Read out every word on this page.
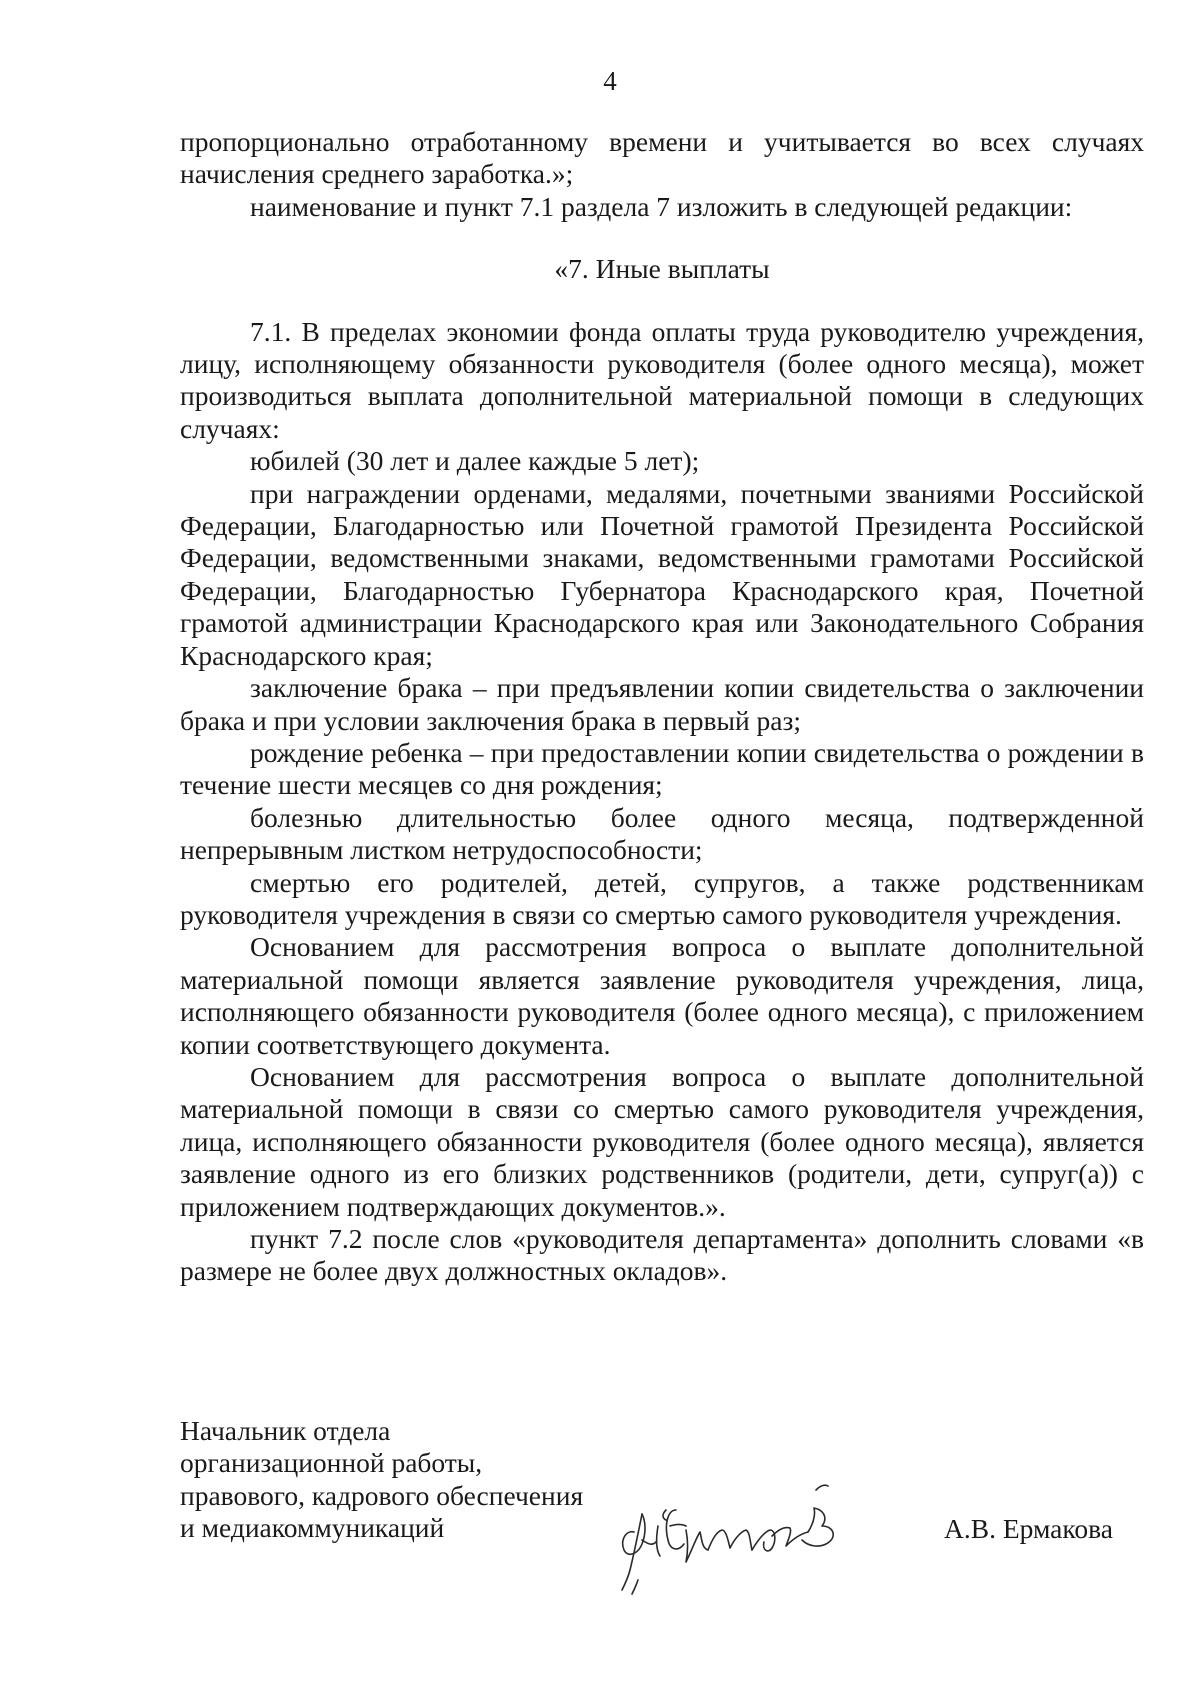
4

пропорционально отработанному времени и учитывается во всех случаях начисления среднего заработка.»;

наименование и пункт 7.1 раздела 7 изложить в следующей редакции:

«7. Иные выплаты

7.1. В пределах экономии фонда оплаты труда руководителю учреждения, лицу, исполняющему обязанности руководителя (более одного месяца), может производиться выплата дополнительной материальной помощи в следующих случаях:

юбилей (30 лет и далее каждые 5 лет);

при награждении орденами, медалями, почетными званиями Российской Федерации, Благодарностью или Почетной грамотой Президента Российской Федерации, ведомственными знаками, ведомственными грамотами Российской Федерации, Благодарностью Губернатора Краснодарского края, Почетной грамотой администрации Краснодарского края или Законодательного Собрания Краснодарского края;

заключение брака – при предъявлении копии свидетельства о заключении брака и при условии заключения брака в первый раз;

рождение ребенка – при предоставлении копии свидетельства о рождении в течение шести месяцев со дня рождения;

болезнью длительностью более одного месяца, подтвержденной непрерывным листком нетрудоспособности;

смертью его родителей, детей, супругов, а также родственникам руководителя учреждения в связи со смертью самого руководителя учреждения.

Основанием для рассмотрения вопроса о выплате дополнительной материальной помощи является заявление руководителя учреждения, лица, исполняющего обязанности руководителя (более одного месяца), с приложением копии соответствующего документа.

Основанием для рассмотрения вопроса о выплате дополнительной материальной помощи в связи со смертью самого руководителя учреждения, лица, исполняющего обязанности руководителя (более одного месяца), является заявление одного из его близких родственников (родители, дети, супруг(а)) с приложением подтверждающих документов.».

пункт 7.2 после слов «руководителя департамента» дополнить словами «в размере не более двух должностных окладов».

Начальник отдела
организационной работы,
правового, кадрового обеспечения
и медиакоммуникаций	А.В. Ермакова
